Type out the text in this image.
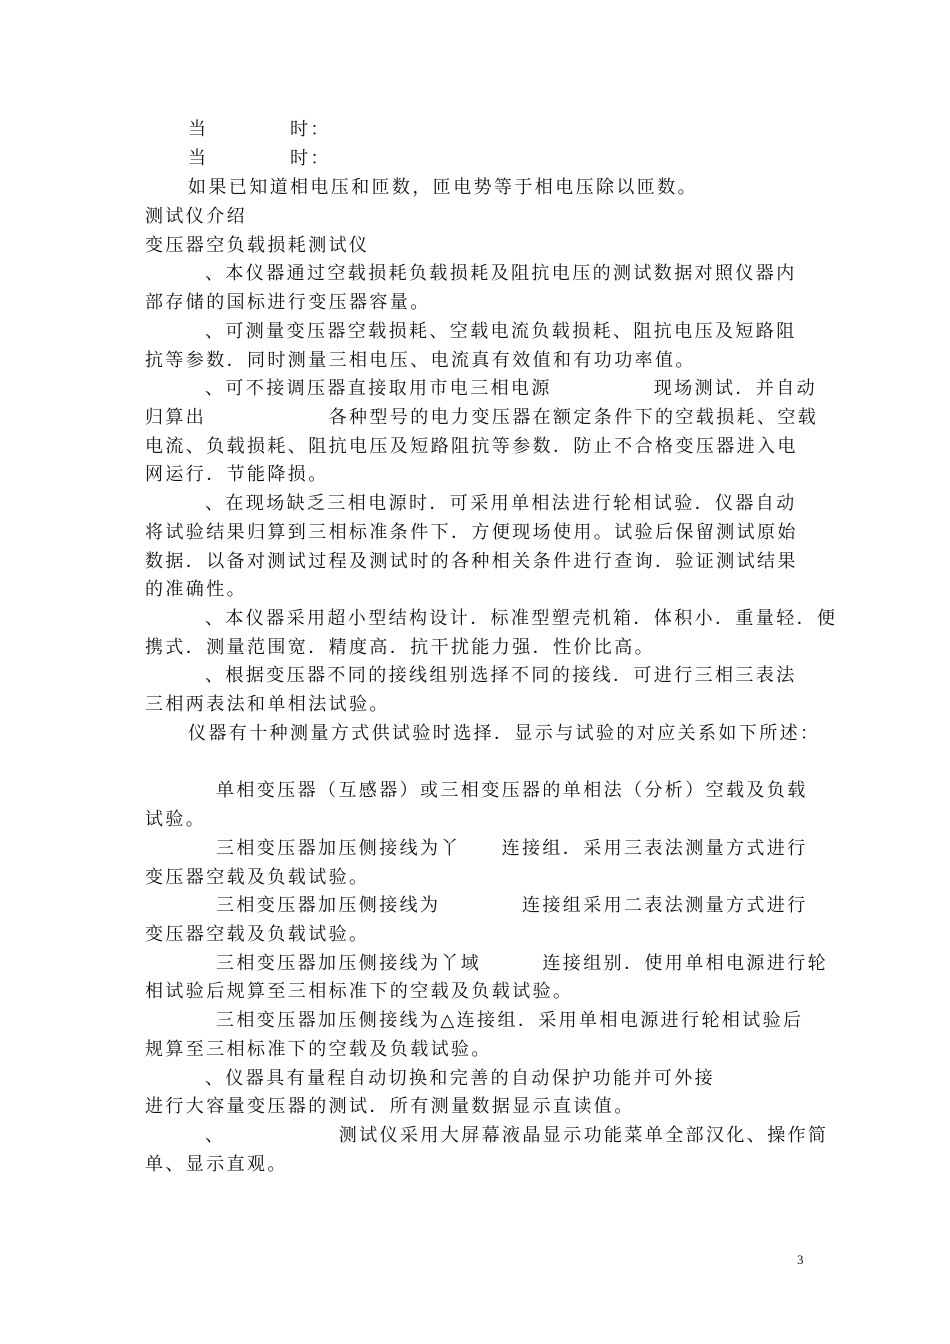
当　　　　时：
当　　　　时：
如果已知道相电压和匝数，匝电势等于相电压除以匝数。
测试仪介绍
变压器空负载损耗测试仪
、本仪器通过空载损耗负载损耗及阻抗电压的测试数据对照仪器内
部存储的国标进行变压器容量。
、可测量变压器空载损耗、空载电流负载损耗、阻抗电压及短路阻
抗等参数．同时测量三相电压、电流真有效值和有功功率值。
、可不接调压器直接取用市电三相电源　　　　　现场测试．并自动
归算出　　　　　　各种型号的电力变压器在额定条件下的空载损耗、空载
电流、负载损耗、阻抗电压及短路阻抗等参数．防止不合格变压器进入电
网运行．节能降损。
、在现场缺乏三相电源时．可采用单相法进行轮相试验．仪器自动
将试验结果归算到三相标准条件下．方便现场使用。试验后保留测试原始
数据．以备对测试过程及测试时的各种相关条件进行查询．验证测试结果
的准确性。
、本仪器采用超小型结构设计．标准型塑壳机箱．体积小．重量轻．便
携式．测量范围宽．精度高．抗干扰能力强．性价比高。
、根据变压器不同的接线组别选择不同的接线．可进行三相三表法
三相两表法和单相法试验。
仪器有十种测量方式供试验时选择．显示与试验的对应关系如下所述：
单相变压器（互感器）或三相变压器的单相法（分析）空载及负载
试验。
三相变压器加压侧接线为丫　　连接组．采用三表法测量方式进行
变压器空载及负载试验。
三相变压器加压侧接线为　　　　连接组采用二表法测量方式进行
变压器空载及负载试验。
三相变压器加压侧接线为丫域　　　连接组别．使用单相电源进行轮
相试验后规算至三相标准下的空载及负载试验。
三相变压器加压侧接线为△连接组．采用单相电源进行轮相试验后
规算至三相标准下的空载及负载试验。
、仪器具有量程自动切换和完善的自动保护功能并可外接
进行大容量变压器的测试．所有测量数据显示直读值。
、　　　　　　测试仪采用大屏幕液晶显示功能菜单全部汉化、操作简
单、显示直观。
3
